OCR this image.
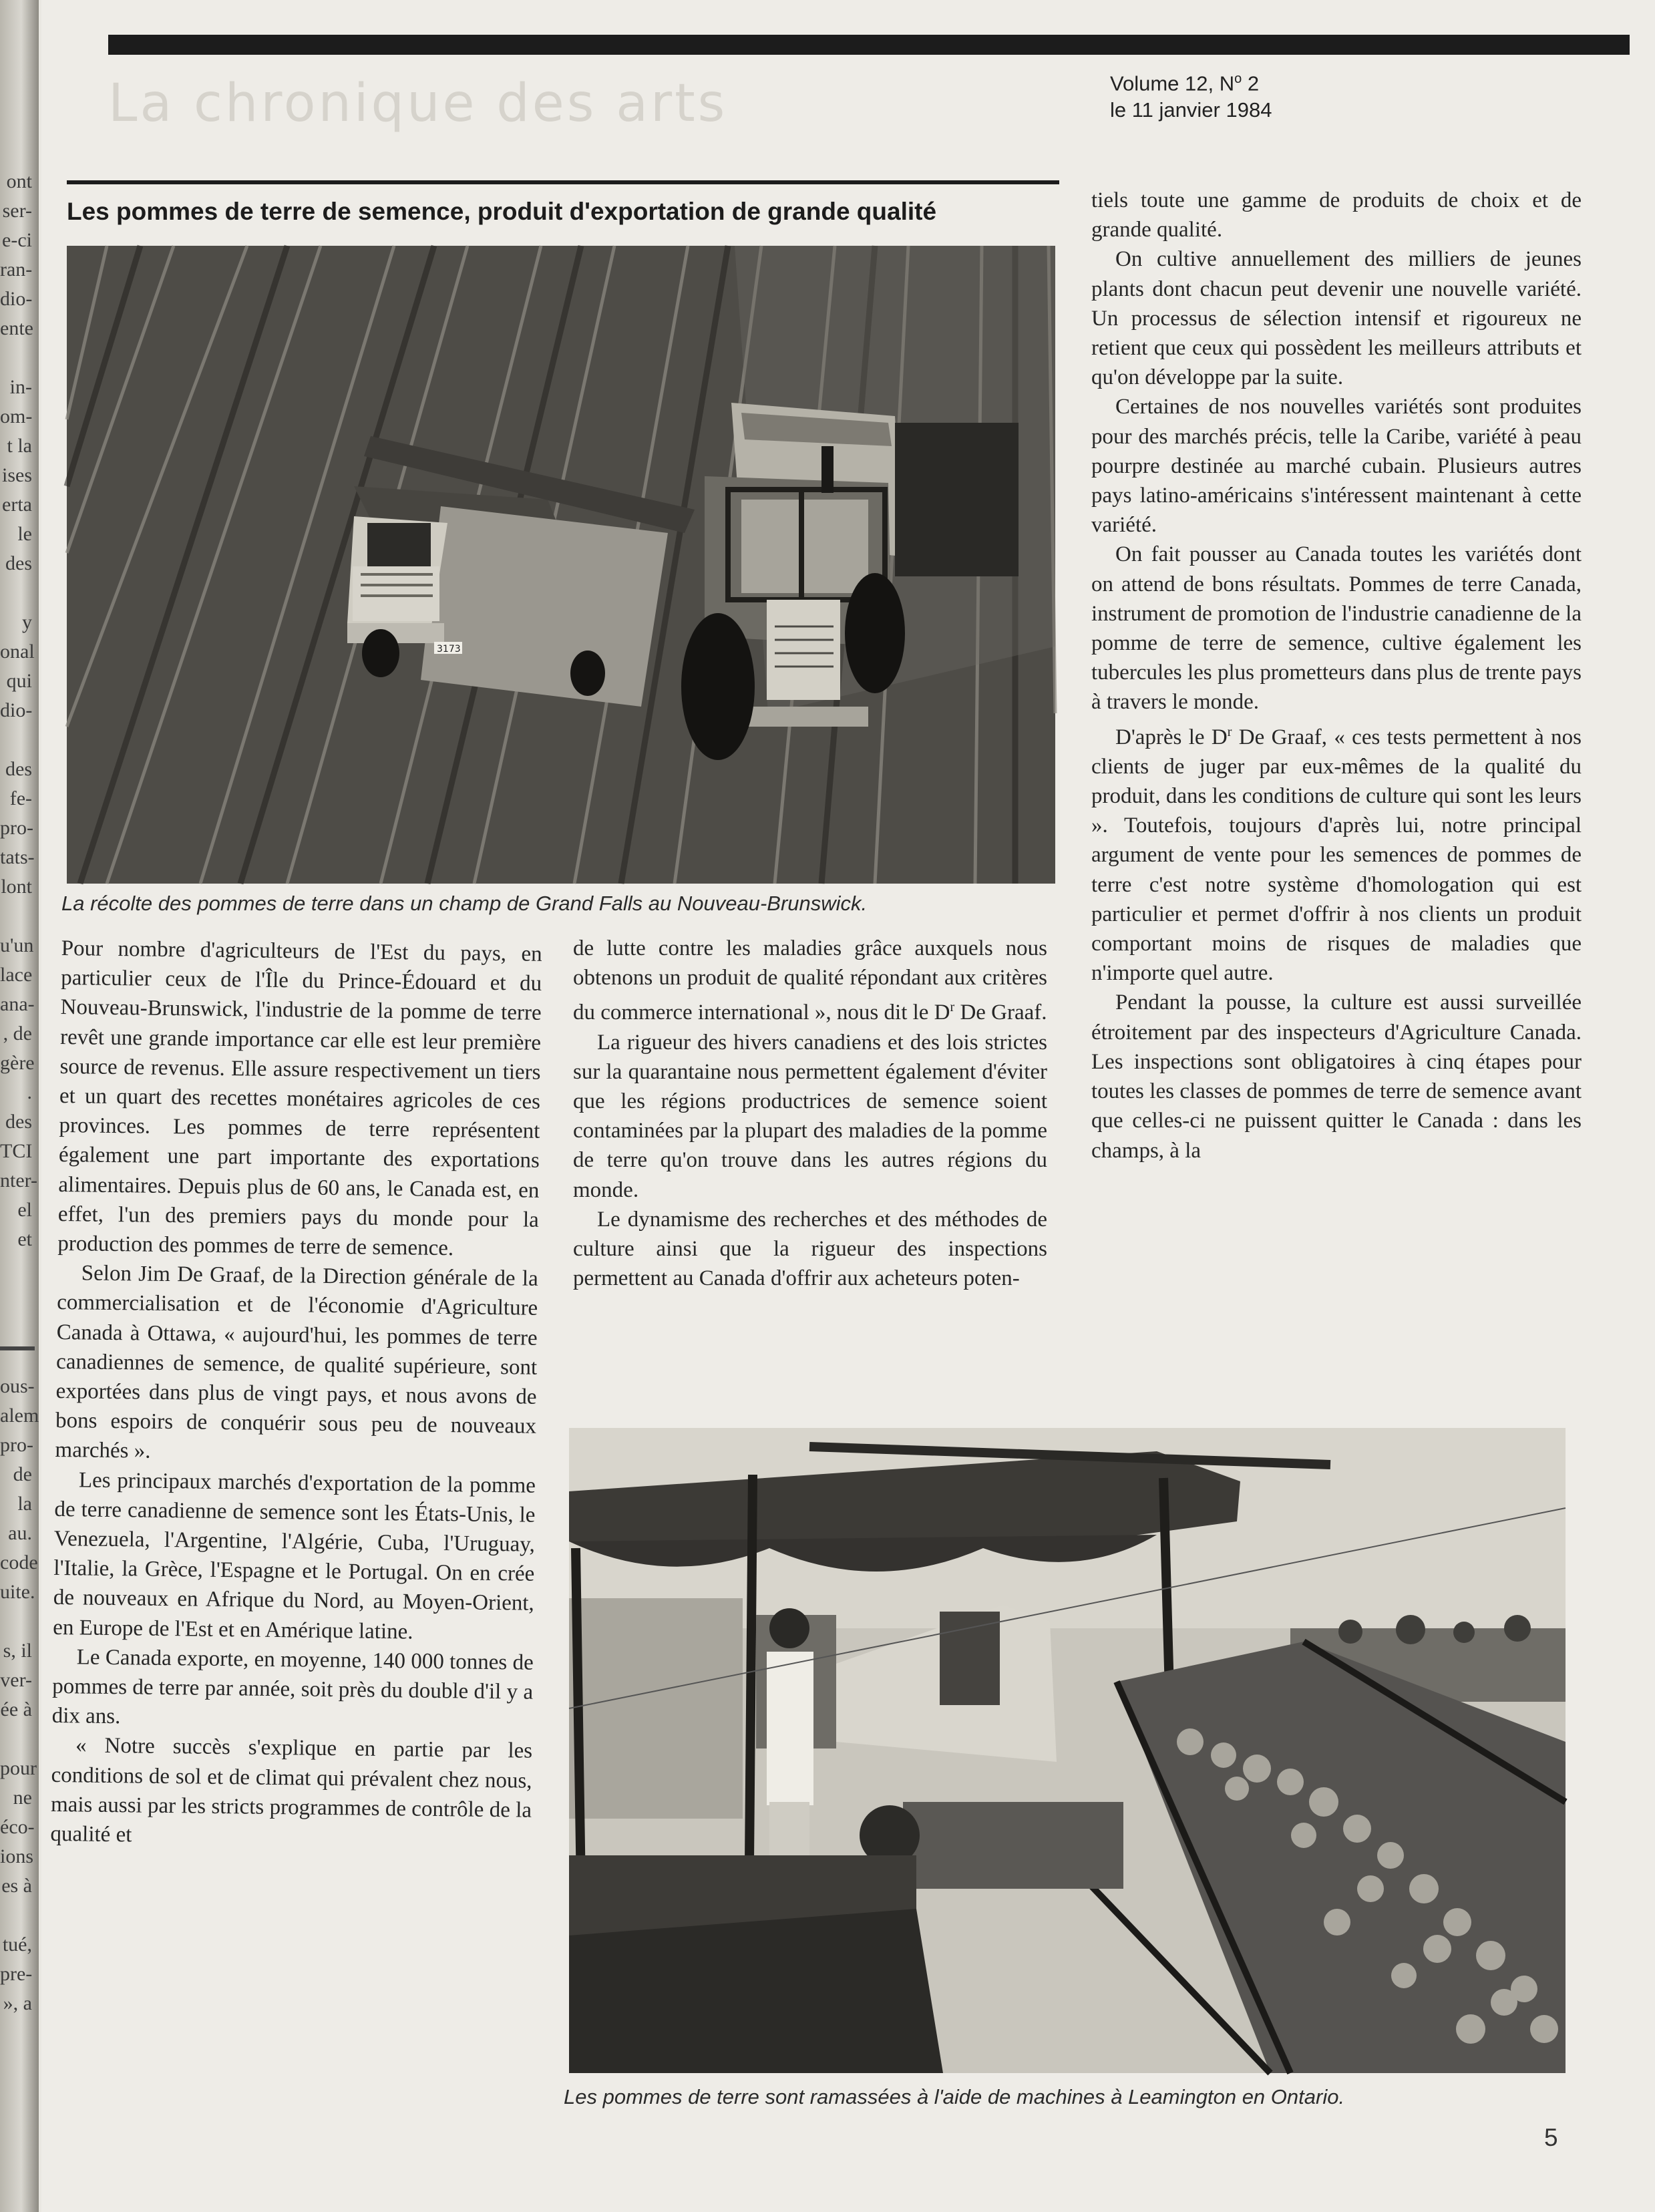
ont
ser-
e-ci
ran-
dio-
ente
in-
om-
t la
ises
erta
le
des
y
onal
qui
dio-
des
fe-
pro-
tats-
lont
u'un
lace
ana-
, de
gère
.
des
TCI
nter-
el et
ous-
alem
pro-
de la
au.
code
uite.
s, il
ver-
ée à
pour
ne
éco-
ions
es à
tué,
pre-
», a
La chronique des arts	Volume 12, $N^o$ 2
le 11 janvier 1984
Les pommes de terre de semence, produit d'exportation de grande qualité
3173
La récolte des pommes de terre dans un champ de Grand Falls au Nouveau-Brunswick.

Pour nombre d'agriculteurs de l'Est du pays, en particulier ceux de l'Île du Prince-Édouard et du Nouveau-Brunswick, l'industrie de la pomme de terre revêt une grande importance car elle est leur première source de revenus. Elle assure respectivement un tiers et un quart des recettes monétaires agricoles de ces provinces. Les pommes de terre représentent également une part importante des exportations alimentaires. Depuis plus de 60 ans, le Canada est, en effet, l'un des premiers pays du monde pour la production des pommes de terre de semence.

Selon Jim De Graaf, de la Direction générale de la commercialisation et de l'économie d'Agriculture Canada à Ottawa, « aujourd'hui, les pommes de terre canadiennes de semence, de qualité supérieure, sont exportées dans plus de vingt pays, et nous avons de bons espoirs de conquérir sous peu de nouveaux marchés ».

Les principaux marchés d'exportation de la pomme de terre canadienne de semence sont les États-Unis, le Venezuela, l'Argentine, l'Algérie, Cuba, l'Uruguay, l'Italie, la Grèce, l'Espagne et le Portugal. On en crée de nouveaux en Afrique du Nord, au Moyen-Orient, en Europe de l'Est et en Amérique latine.

Le Canada exporte, en moyenne, 140 000 tonnes de pommes de terre par année, soit près du double d'il y a dix ans.

« Notre succès s'explique en partie par les conditions de sol et de climat qui prévalent chez nous, mais aussi par les stricts programmes de contrôle de la qualité et

de lutte contre les maladies grâce auxquels nous obtenons un produit de qualité répondant aux critères du commerce international », nous dit le $D^r$ De Graaf.

La rigueur des hivers canadiens et des lois strictes sur la quarantaine nous permettent également d'éviter que les régions productrices de semence soient contaminées par la plupart des maladies de la pomme de terre qu'on trouve dans les autres régions du monde.

Le dynamisme des recherches et des méthodes de culture ainsi que la rigueur des inspections permettent au Canada d'offrir aux acheteurs poten-

tiels toute une gamme de produits de choix et de grande qualité.

On cultive annuellement des milliers de jeunes plants dont chacun peut devenir une nouvelle variété. Un processus de sélection intensif et rigoureux ne retient que ceux qui possèdent les meilleurs attributs et qu'on développe par la suite.

Certaines de nos nouvelles variétés sont produites pour des marchés précis, telle la Caribe, variété à peau pourpre destinée au marché cubain. Plusieurs autres pays latino-américains s'intéressent maintenant à cette variété.

On fait pousser au Canada toutes les variétés dont on attend de bons résultats. Pommes de terre Canada, instrument de promotion de l'industrie canadienne de la pomme de terre de semence, cultive également les tubercules les plus prometteurs dans plus de trente pays à travers le monde.

D'après le $D^r$ De Graaf, « ces tests permettent à nos clients de juger par eux-mêmes de la qualité du produit, dans les conditions de culture qui sont les leurs ». Toutefois, toujours d'après lui, notre principal argument de vente pour les semences de pommes de terre c'est notre système d'homologation qui est particulier et permet d'offrir à nos clients un produit comportant moins de risques de maladies que n'importe quel autre.

Pendant la pousse, la culture est aussi surveillée étroitement par des inspecteurs d'Agriculture Canada. Les inspections sont obligatoires à cinq étapes pour toutes les classes de pommes de terre de semence avant que celles-ci ne puissent quitter le Canada : dans les champs, à la

Les pommes de terre sont ramassées à l'aide de machines à Leamington en Ontario.
5
